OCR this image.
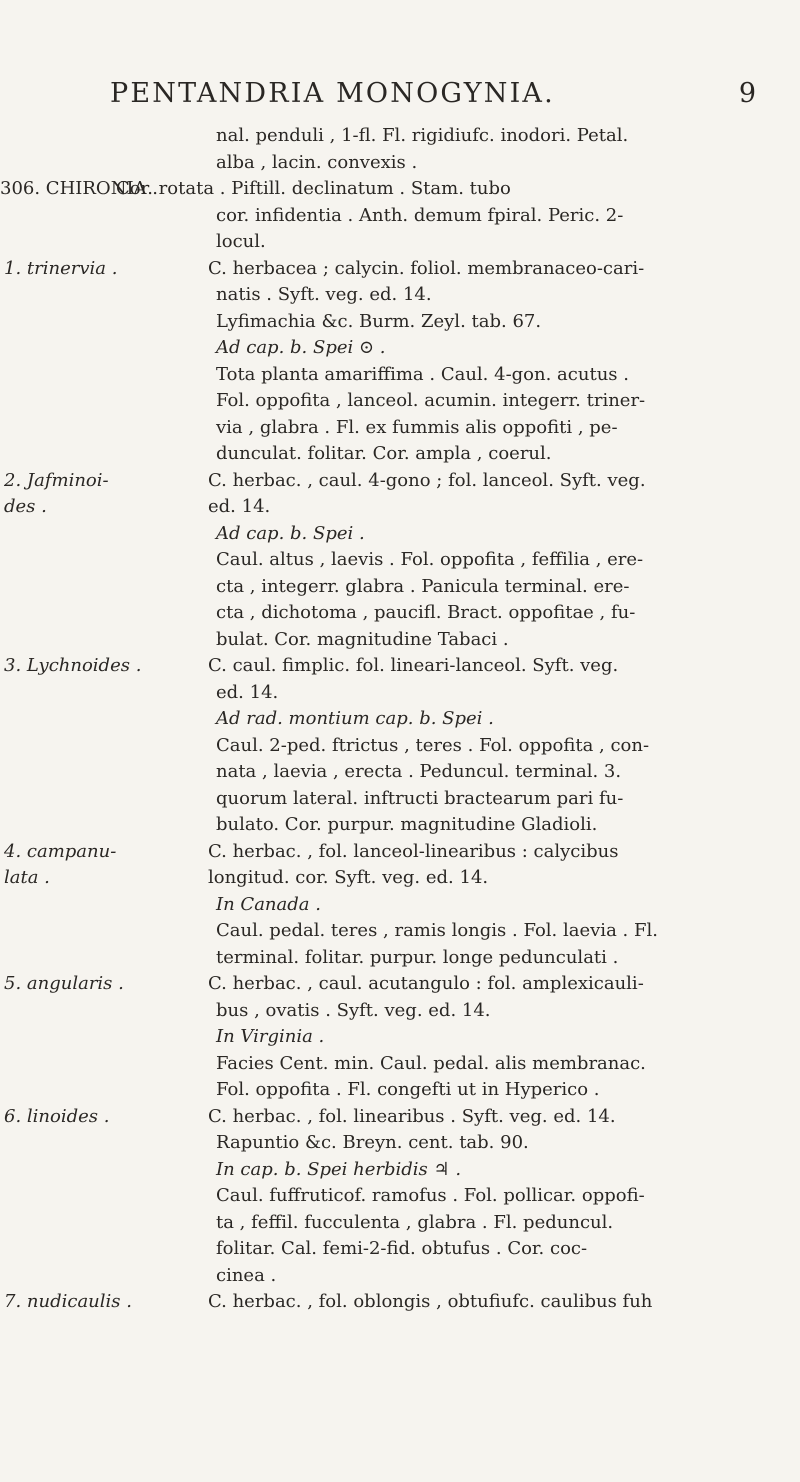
PENTANDRIA MONOGYNIA.	9
nal. penduli , 1-fl. Fl. rigidiufc. inodori. Petal.
alba , lacin. convexis .
306. CHIRONIA .
Cor. rotata . Piftill. declinatum . Stam. tubo
cor. infidentia . Anth. demum fpiral. Peric. 2-
locul.
1. trinervia .	C. herbacea ; calycin. foliol. membranaceo-cari-
natis . Syft. veg. ed. 14.
Lyfimachia &c. Burm. Zeyl. tab. 67.
Ad cap. b. Spei ⊙ .
Tota planta amariffima . Caul. 4-gon. acutus .
Fol. oppofita , lanceol. acumin. integerr. triner-
via , glabra . Fl. ex fummis alis oppofiti , pe-
dunculat. folitar. Cor. ampla , coerul.
2. Jafminoi-	C. herbac. , caul. 4-gono ; fol. lanceol. Syft. veg.
des .	ed. 14.
Ad cap. b. Spei .
Caul. altus , laevis . Fol. oppofita , feffilia , ere-
cta , integerr. glabra . Panicula terminal. ere-
cta , dichotoma , paucifl. Bract. oppofitae , fu-
bulat. Cor. magnitudine Tabaci .
3. Lychnoides .	C. caul. fimplic. fol. lineari-lanceol. Syft. veg.
ed. 14.
Ad rad. montium cap. b. Spei .
Caul. 2-ped. ftrictus , teres . Fol. oppofita , con-
nata , laevia , erecta . Peduncul. terminal. 3.
quorum lateral. inftructi bractearum pari fu-
bulato. Cor. purpur. magnitudine Gladioli.
4. campanu-	C. herbac. , fol. lanceol-linearibus : calycibus
lata .	longitud. cor. Syft. veg. ed. 14.
In Canada .
Caul. pedal. teres , ramis longis . Fol. laevia . Fl.
terminal. folitar. purpur. longe pedunculati .
5. angularis .	C. herbac. , caul. acutangulo : fol. amplexicauli-
bus , ovatis . Syft. veg. ed. 14.
In Virginia .
Facies Cent. min. Caul. pedal. alis membranac.
Fol. oppofita . Fl. congefti ut in Hyperico .
6. linoides .	C. herbac. , fol. linearibus . Syft. veg. ed. 14.
Rapuntio &c. Breyn. cent. tab. 90.
In cap. b. Spei herbidis ♃ .
Caul. fuffruticof. ramofus . Fol. pollicar. oppofi-
ta , feffil. fucculenta , glabra . Fl. peduncul.
folitar. Cal. femi-2-fid. obtufus . Cor. coc-
cinea .
7. nudicaulis .	C. herbac. , fol. oblongis , obtufiufc. caulibus fuh
